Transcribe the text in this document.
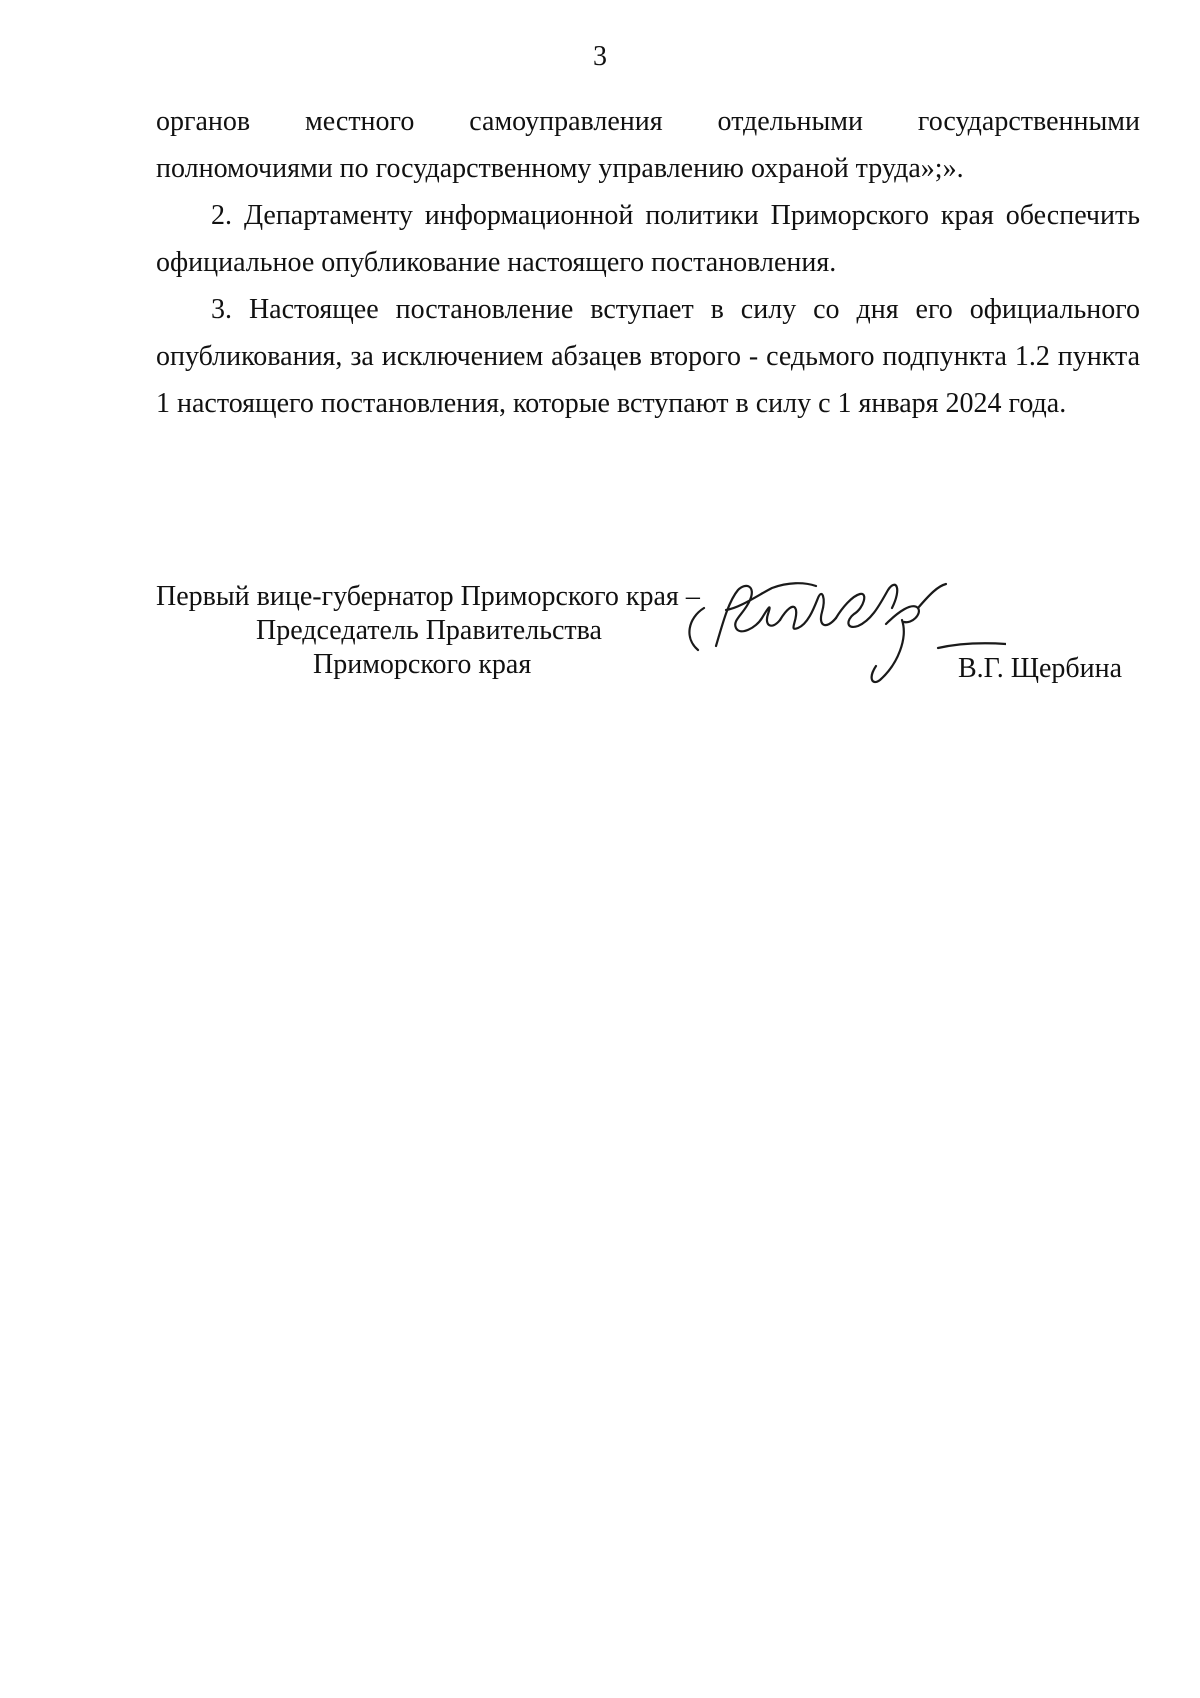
3

органов местного самоуправления отдельными государственными
полномочиями по государственному управлению охраной труда»;».

2. Департаменту информационной политики Приморского края обеспечить официальное опубликование настоящего постановления.

3. Настоящее постановление вступает в силу со дня его официального опубликования, за исключением абзацев второго - седьмого подпункта 1.2 пункта 1 настоящего постановления, которые вступают в силу с 1 января 2024 года.

Первый вице-губернатор Приморского края –
Председатель Правительства
Приморского края	В.Г. Щербина
